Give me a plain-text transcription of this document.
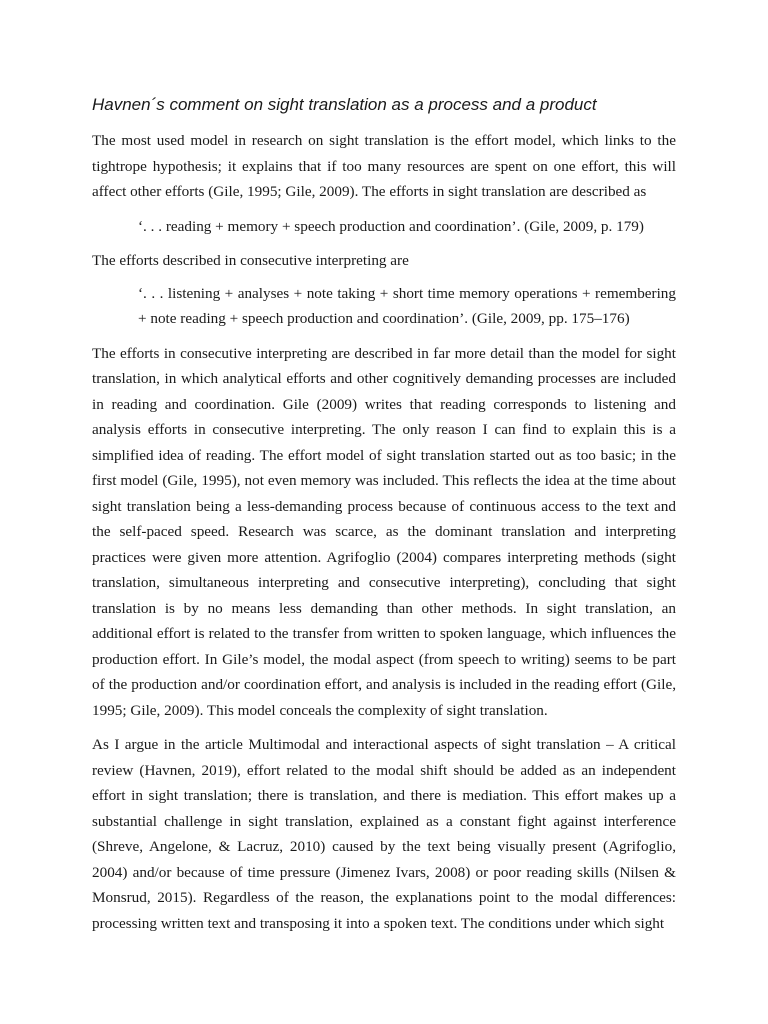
Havnen´s comment on sight translation as a process and a product

The most used model in research on sight translation is the effort model, which links to the tightrope hypothesis; it explains that if too many resources are spent on one effort, this will affect other efforts (Gile, 1995; Gile, 2009). The efforts in sight translation are described as

‘. . . reading + memory + speech production and coordination’. (Gile, 2009, p. 179)

The efforts described in consecutive interpreting are

‘. . . listening + analyses + note taking + short time memory operations + remembering + note reading + speech production and coordination’. (Gile, 2009, pp. 175–176)

The efforts in consecutive interpreting are described in far more detail than the model for sight translation, in which analytical efforts and other cognitively demanding processes are included in reading and coordination. Gile (2009) writes that reading corresponds to listening and analysis efforts in consecutive interpreting. The only reason I can find to explain this is a simplified idea of reading. The effort model of sight translation started out as too basic; in the first model (Gile, 1995), not even memory was included. This reflects the idea at the time about sight translation being a less-demanding process because of continuous access to the text and the self-paced speed. Research was scarce, as the dominant translation and interpreting practices were given more attention. Agrifoglio (2004) compares interpreting methods (sight translation, simultaneous interpreting and consecutive interpreting), concluding that sight translation is by no means less demanding than other methods. In sight translation, an additional effort is related to the transfer from written to spoken language, which influences the production effort. In Gile’s model, the modal aspect (from speech to writing) seems to be part of the production and/or coordination effort, and analysis is included in the reading effort (Gile, 1995; Gile, 2009). This model conceals the complexity of sight translation.

As I argue in the article Multimodal and interactional aspects of sight translation – A critical review (Havnen, 2019), effort related to the modal shift should be added as an independent effort in sight translation; there is translation, and there is mediation. This effort makes up a substantial challenge in sight translation, explained as a constant fight against interference (Shreve, Angelone, & Lacruz, 2010) caused by the text being visually present (Agrifoglio, 2004) and/or because of time pressure (Jimenez Ivars, 2008) or poor reading skills (Nilsen & Monsrud, 2015). Regardless of the reason, the explanations point to the modal differences: processing written text and transposing it into a spoken text. The conditions under which sight
